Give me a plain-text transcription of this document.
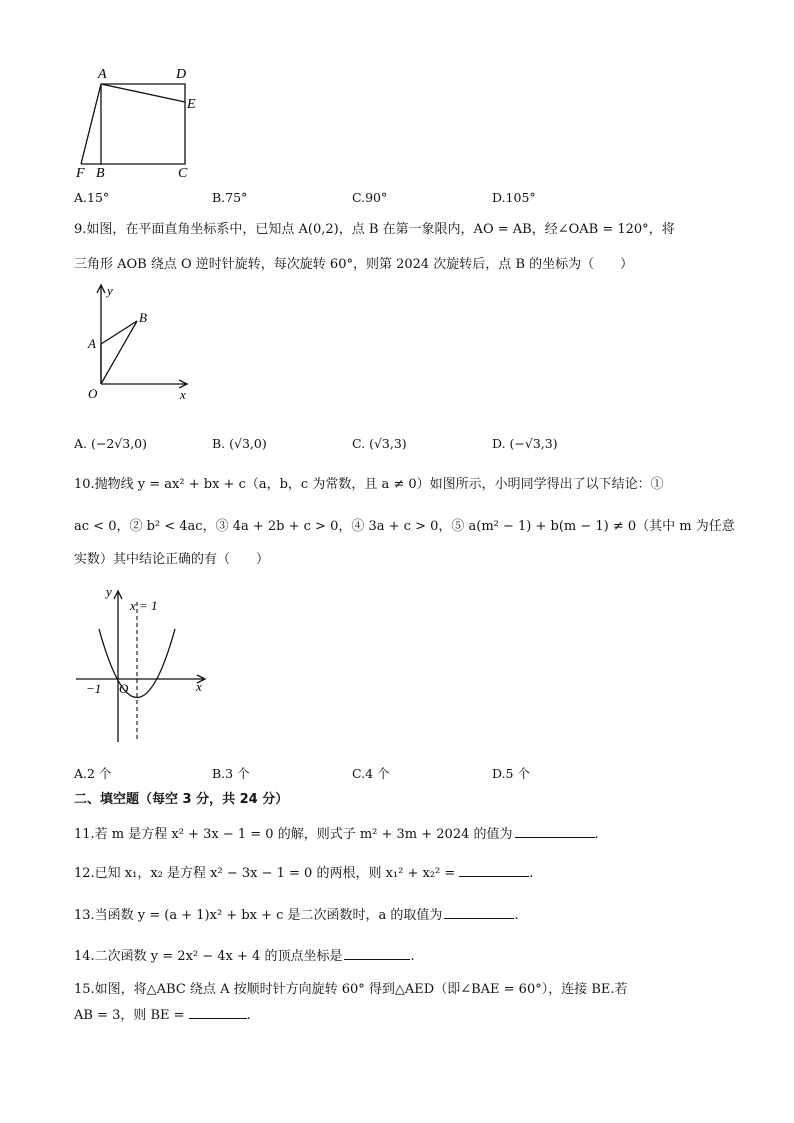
A	D
E
F B	C
A.15°	B.75°	C.90°	D.105°
9.如图，在平面直角坐标系中，已知点 A(0,2)，点 B 在第一象限内，AO = AB，经∠OAB = 120°，将
三角形 AOB 绕点 O 逆时针旋转，每次旋转 60°，则第 2024 次旋转后，点 B 的坐标为（　　）
y
x
A
B
O
A. (−2√3,0)	B. (√3,0)	C. (√3,3)	D. (−√3,3)
10.抛物线 y = ax² + bx + c（a，b，c 为常数，且 a ≠ 0）如图所示，小明同学得出了以下结论：①
ac < 0，② b² < 4ac，③ 4a + 2b + c > 0，④ 3a + c > 0，⑤ a(m² − 1) + b(m − 1) ≠ 0（其中 m 为任意
实数）其中结论正确的有（　　）
y
x = 1
x
−1 O
A.2 个	B.3 个	C.4 个	D.5 个
二、填空题（每空 3 分，共 24 分）
11.若 m 是方程 x² + 3x − 1 = 0 的解，则式子 m² + 3m + 2024 的值为	.
12.已知 x₁，x₂ 是方程 x² − 3x − 1 = 0 的两根，则 x₁² + x₂² =	.
13.当函数 y = (a + 1)x² + bx + c 是二次函数时，a 的取值为	.
14.二次函数 y = 2x² − 4x + 4 的顶点坐标是	.
15.如图，将△ABC 绕点 A 按顺时针方向旋转 60° 得到△AED（即∠BAE = 60°），连接 BE.若
AB = 3，则 BE =	.
